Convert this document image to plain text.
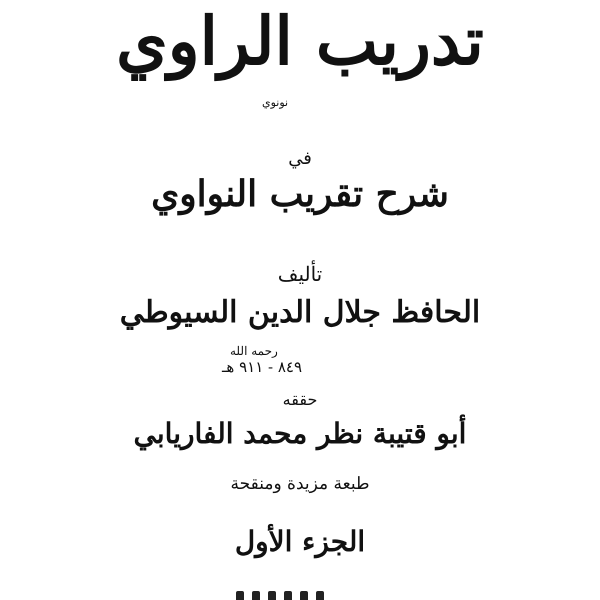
تدريب الراوي
نونوي
في
شرح تقريب النواوي
تأليف
الحافظ جلال الدين السيوطي
رحمه الله
٨٤٩ - ٩١١ هـ
حققه
أبو قتيبة نظر محمد الفاريابي
طبعة مزيدة ومنقحة
الجزء الأول
